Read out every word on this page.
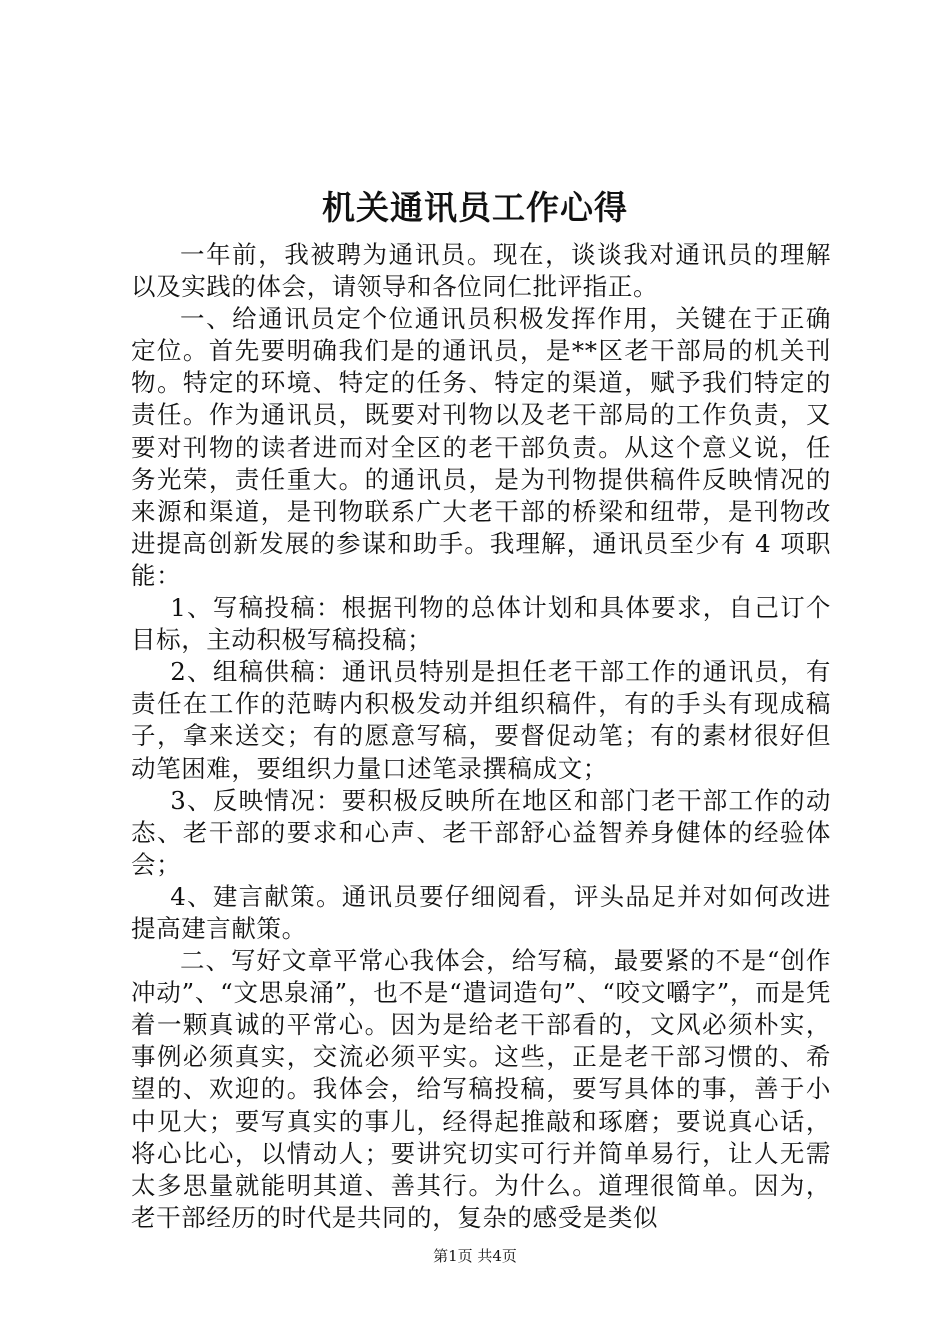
机关通讯员工作心得

一年前，我被聘为通讯员。现在，谈谈我对通讯员的理解以及实践的体会，请领导和各位同仁批评指正。

一、给通讯员定个位通讯员积极发挥作用，关键在于正确定位。首先要明确我们是的通讯员，是**区老干部局的机关刊物。特定的环境、特定的任务、特定的渠道，赋予我们特定的责任。作为通讯员，既要对刊物以及老干部局的工作负责，又要对刊物的读者进而对全区的老干部负责。从这个意义说，任务光荣，责任重大。的通讯员，是为刊物提供稿件反映情况的来源和渠道，是刊物联系广大老干部的桥梁和纽带，是刊物改进提高创新发展的参谋和助手。我理解，通讯员至少有 4 项职能：

1、写稿投稿：根据刊物的总体计划和具体要求，自己订个目标，主动积极写稿投稿；

2、组稿供稿：通讯员特别是担任老干部工作的通讯员，有责任在工作的范畴内积极发动并组织稿件，有的手头有现成稿子，拿来送交；有的愿意写稿，要督促动笔；有的素材很好但动笔困难，要组织力量口述笔录撰稿成文；

3、反映情况：要积极反映所在地区和部门老干部工作的动态、老干部的要求和心声、老干部舒心益智养身健体的经验体会；

4、建言献策。通讯员要仔细阅看，评头品足并对如何改进提高建言献策。

二、写好文章平常心我体会，给写稿，最要紧的不是“创作冲动”、“文思泉涌”，也不是“遣词造句”、“咬文嚼字”，而是凭着一颗真诚的平常心。因为是给老干部看的，文风必须朴实，事例必须真实，交流必须平实。这些，正是老干部习惯的、希望的、欢迎的。我体会，给写稿投稿，要写具体的事，善于小中见大；要写真实的事儿，经得起推敲和琢磨；要说真心话，将心比心，以情动人；要讲究切实可行并简单易行，让人无需太多思量就能明其道、善其行。为什么。道理很简单。因为，老干部经历的时代是共同的，复杂的感受是类似

第1页 共4页
